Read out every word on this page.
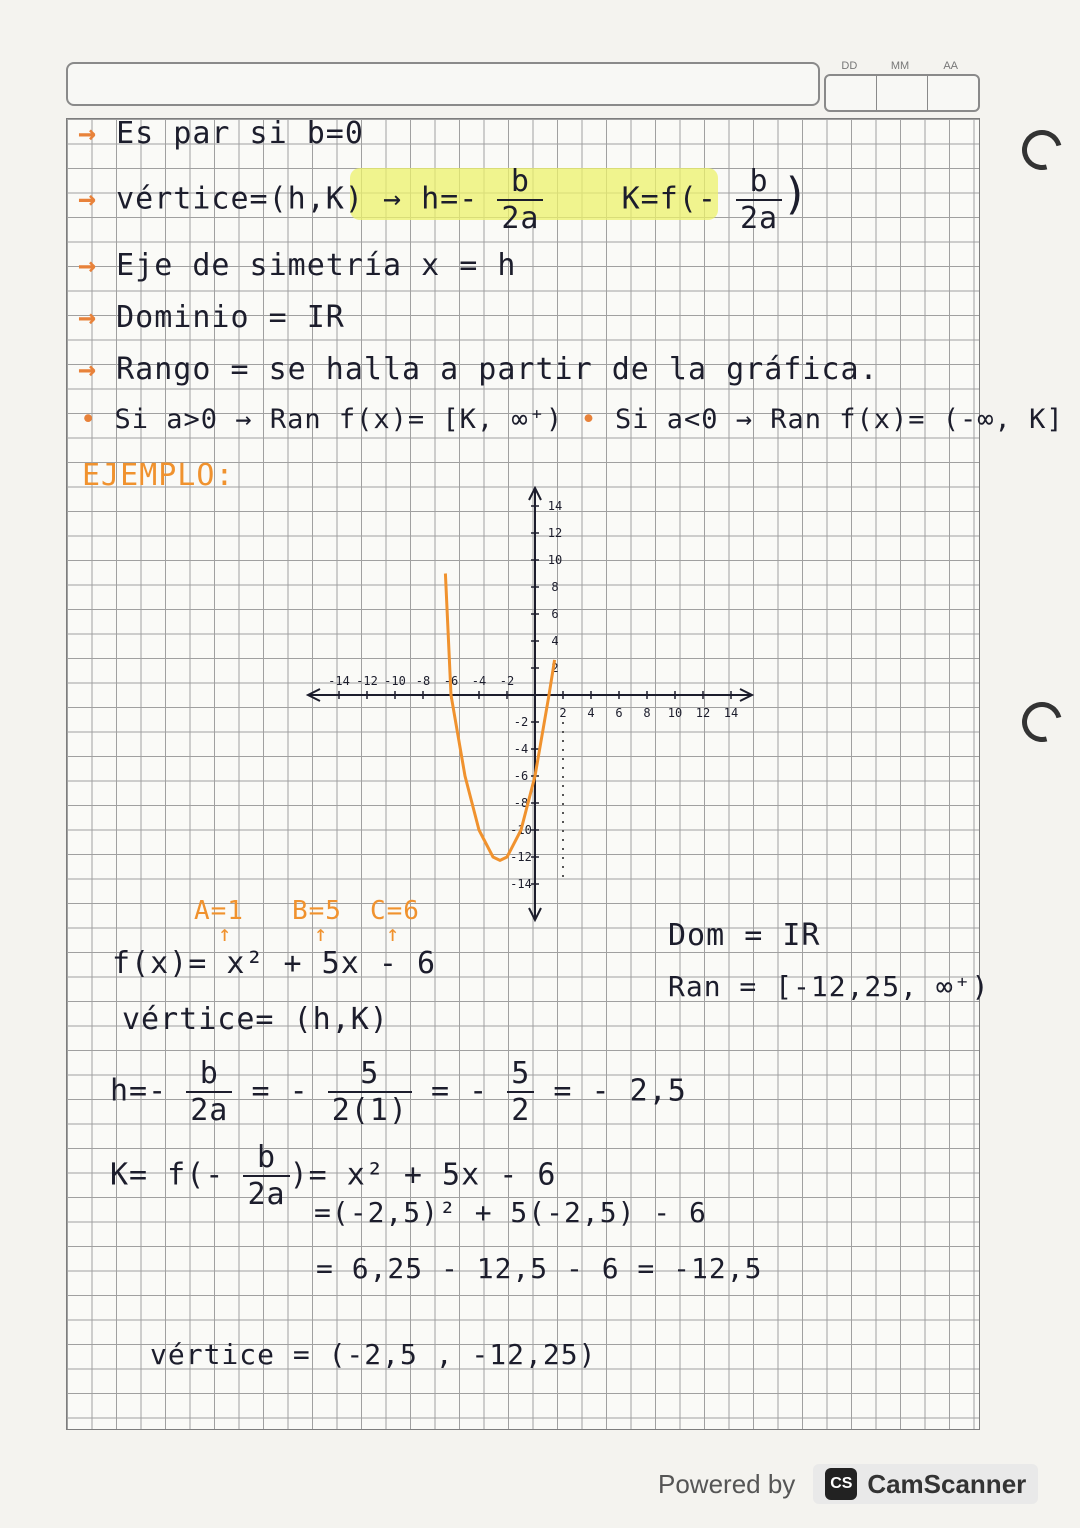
DD	MM	AA
→ Es par si b=0
→ vértice=(h,K) → $h=- \frac{b}{2a}$	$K=f(- \frac{b}{2a}$ )
→ Eje de simetría x = h
→ Dominio = IR
→ Rango = se halla a partir de la gráfica.
• Si a>0 → Ran f(x)= [K, ∞⁺) • Si a<0 → Ran f(x)= (-∞, K]
EJEMPLO:
-14 -12 -10 -8 -6 -4 -2
2 4 6 8 10 12 14
14
12
10
8
6
4
2
-2
-4
-6
-8
-10
-12
-14
A=1 B=5 C=6
↑	↑	↑
f(x)= x² + 5x - 6
vértice= (h,K)
$h=- \frac{b}{2a}$ = - $\frac{5}{2(1)}$ = - $\frac{5}{2}$ = - 2,5
$K= f(- \frac{b}{2a}$ )= x² + 5x - 6
=(-2,5)² + 5(-2,5) - 6
= 6,25 - 12,5 - 6 = -12,5
vértice = (-2,5 , -12,25)
Dom = IR
Ran = [-12,25, ∞⁺)
Powered by	CS CamScanner
